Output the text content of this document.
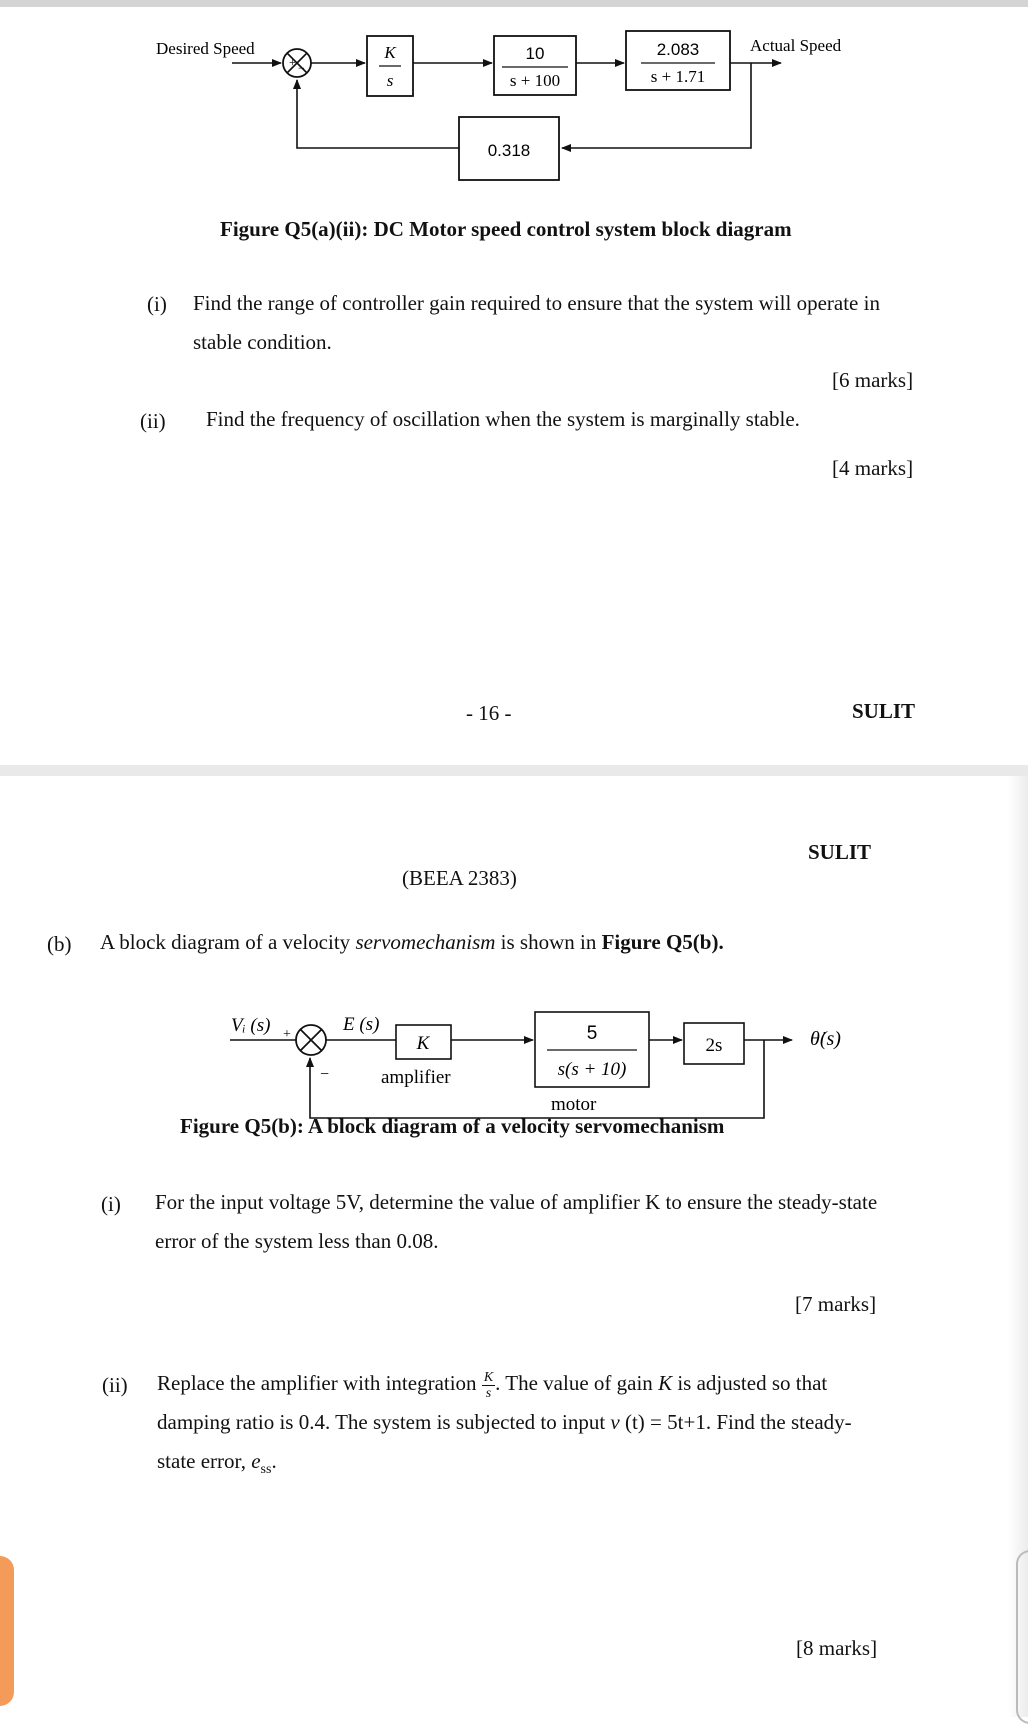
+ −
K
s
10
s + 100
2.083
s + 1.71
0.318
Desired Speed	Actual Speed
Figure Q5(a)(ii): DC Motor speed control system block diagram
(i) Find the range of controller gain required to ensure that the system will operate in stable condition.
[6 marks]
(ii) Find the frequency of oscillation when the system is marginally stable.
[4 marks]
- 16 -	SULIT
SULIT
(BEEA 2383)
(b) A block diagram of a velocity servomechanism is shown in Figure Q5(b).
Vᵢ (s) +
−
E (s)
K
amplifier
5
s(s + 10)
motor
2s	θ̇(s)
Figure Q5(b): A block diagram of a velocity servomechanism
(i) For the input voltage 5V, determine the value of amplifier K to ensure the steady-state error of the system less than 0.08.
[7 marks]
(ii) Replace the amplifier with integration $\frac{K}{s}$ . The value of gain K is adjusted so that damping ratio is 0.4. The system is subjected to input v (t) = 5t+1. Find the steady-state error, $e_{ss}$.
[8 marks]
